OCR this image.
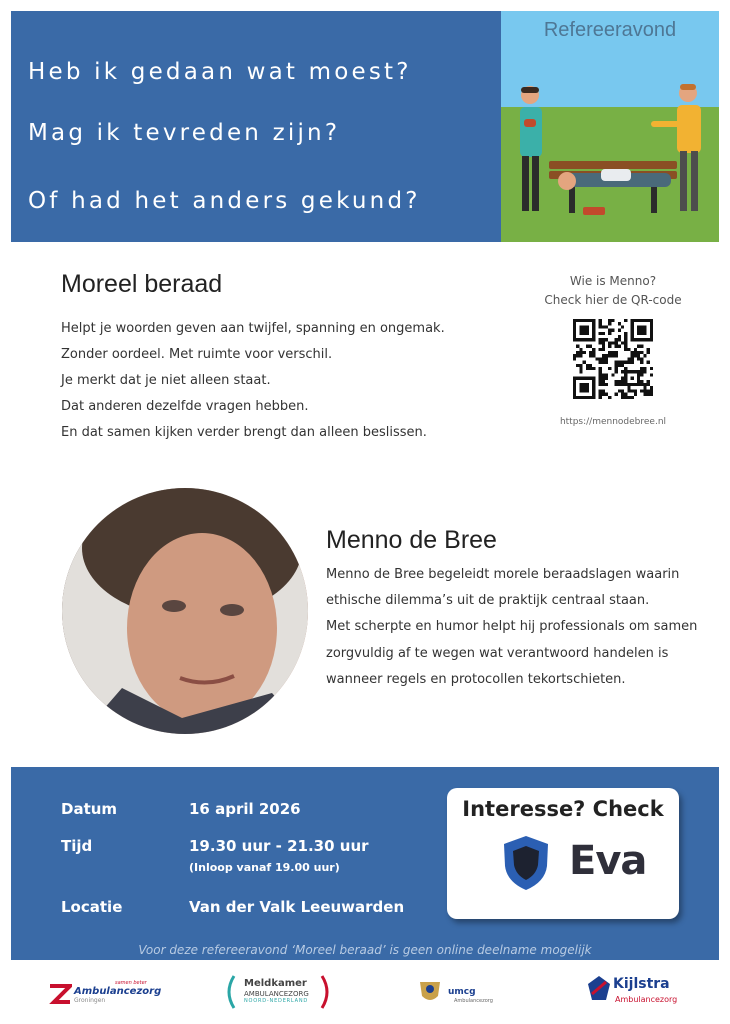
Heb ik gedaan wat moest?
Mag ik tevreden zijn?
Of had het anders gekund?
Refereeravond
Moreel beraad
Helpt je woorden geven aan twijfel, spanning en ongemak.
Zonder oordeel. Met ruimte voor verschil.
Je merkt dat je niet alleen staat.
Dat anderen dezelfde vragen hebben.
En dat samen kijken verder brengt dan alleen beslissen.
Wie is Menno?
Check hier de QR-code
https://mennodebree.nl
Menno de Bree
Menno de Bree begeleidt morele beraadslagen waarin
ethische dilemma’s uit de praktijk centraal staan.
Met scherpte en humor helpt hij professionals om samen
zorgvuldig af te wegen wat verantwoord handelen is
wanneer regels en protocollen tekortschieten.
Datum	16 april 2026
Tijd	19.30 uur - 21.30 uur
(Inloop vanaf 19.00 uur)
Locatie	Van der Valk Leeuwarden
Interesse? Check
Eva
Voor deze refereeravond ‘Moreel beraad’ is geen online deelname mogelijk
samen beter
Ambulancezorg
Groningen
Meldkamer
AMBULANCEZORG
NOORD-NEDERLAND
umcg
Ambulancezorg
Kijlstra
Ambulancezorg
